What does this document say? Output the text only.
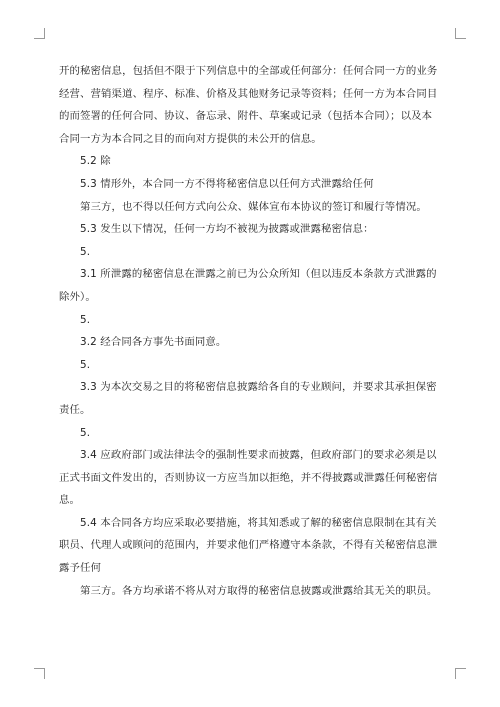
开的秘密信息，包括但不限于下列信息中的全部或任何部分：任何合同一方的业务经营、营销渠道、程序、标准、价格及其他财务记录等资料；任何一方为本合同目的而签署的任何合同、协议、备忘录、附件、草案或记录（包括本合同）；以及本合同一方为本合同之目的而向对方提供的未公开的信息。

5.2 除

5.3 情形外，本合同一方不得将秘密信息以任何方式泄露给任何

第三方，也不得以任何方式向公众、媒体宣布本协议的签订和履行等情况。

5.3 发生以下情况，任何一方均不被视为披露或泄露秘密信息：

5.

3.1 所泄露的秘密信息在泄露之前已为公众所知（但以违反本条款方式泄露的除外）。

5.

3.2 经合同各方事先书面同意。

5.

3.3 为本次交易之目的将秘密信息披露给各自的专业顾问，并要求其承担保密责任。

5.

3.4 应政府部门或法律法令的强制性要求而披露，但政府部门的要求必须是以正式书面文件发出的，否则协议一方应当加以拒绝，并不得披露或泄露任何秘密信息。

5.4 本合同各方均应采取必要措施，将其知悉或了解的秘密信息限制在其有关职员、代理人或顾问的范围内，并要求他们严格遵守本条款，不得有关秘密信息泄露予任何

第三方。各方均承诺不将从对方取得的秘密信息披露或泄露给其无关的职员。
